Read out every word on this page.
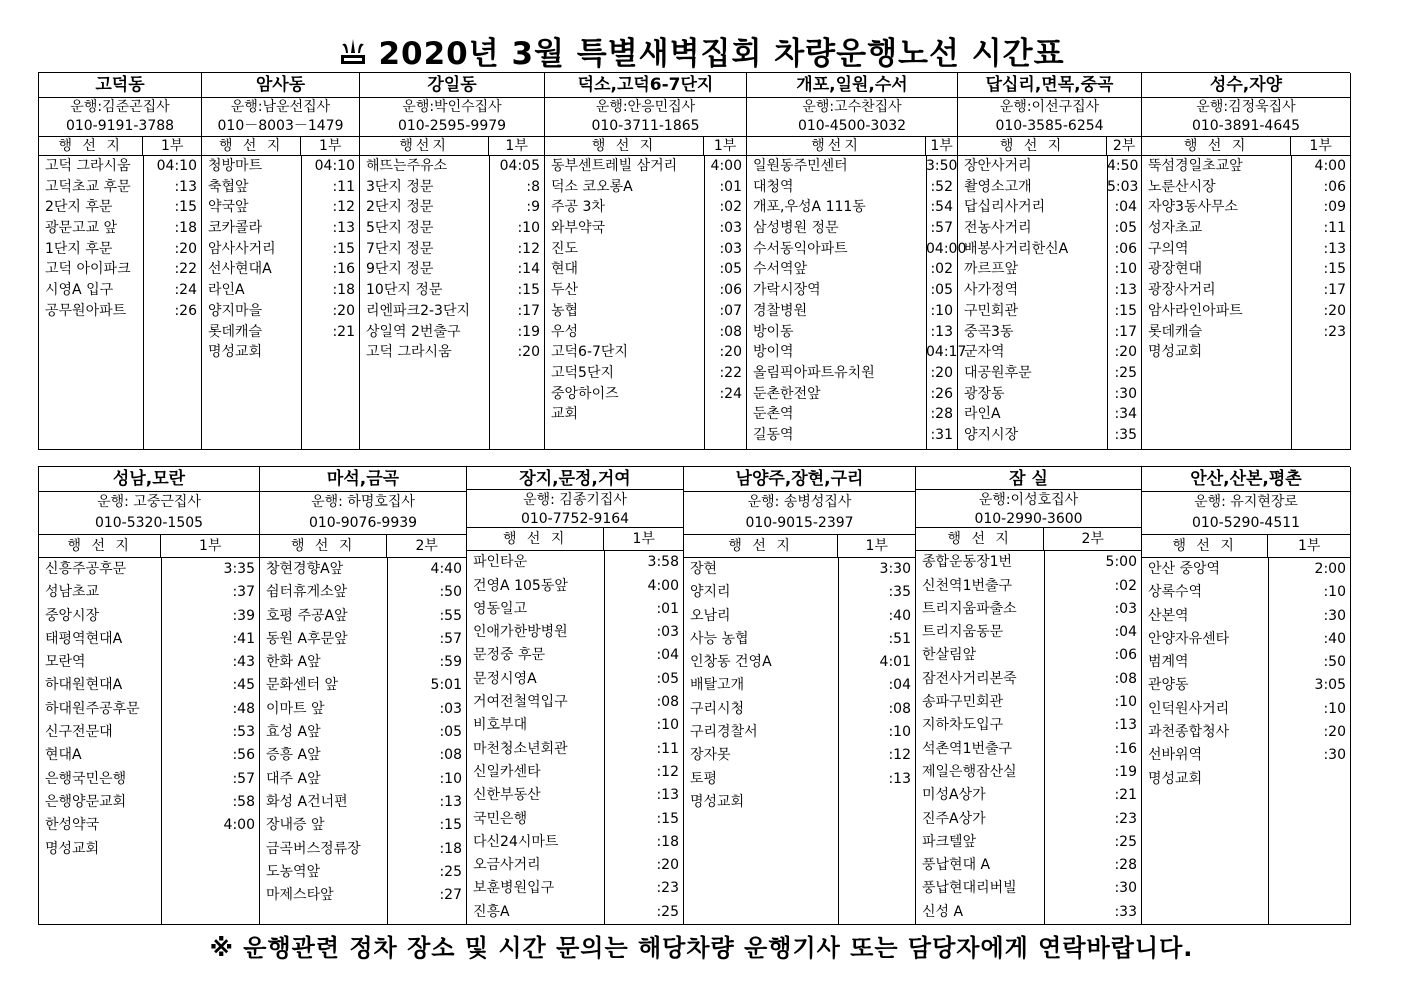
2020년 3월 특별새벽집회 차량운행노선 시간표
고덕동
운행:김준곤집사
010-9191-3788
행 선 지	1부
고덕 그라시움	04:10
고덕초교 후문	:13
2단지 후문	:15
광문고교 앞	:18
1단지 후문	:20
고덕 아이파크	:22
시영A 입구	:24
공무원아파트	:26
암사동
운행:남운선집사
010－8003－1479
행 선 지	1부
청방마트	04:10
축협앞	:11
약국앞	:12
코카콜라	:13
암사사거리	:15
선사현대A	:16
라인A	:18
양지마을	:20
롯데캐슬	:21
명성교회
강일동
운행:박인수집사
010-2595-9979
행선지	1부
해뜨는주유소	04:05
3단지 정문	:8
2단지 정문	:9
5단지 정문	:10
7단지 정문	:12
9단지 정문	:14
10단지 정문	:15
리엔파크2-3단지	:17
상일역 2번출구	:19
고덕 그라시움	:20
덕소,고덕6-7단지
운행:안응민집사
010-3711-1865
행 선 지	1부
동부센트레빌 삼거리	4:00
덕소 코오롱A	:01
주공 3차	:02
와부약국	:03
진도	:03
현대	:05
두산	:06
농협	:07
우성	:08
고덕6-7단지	:20
고덕5단지	:22
중앙하이즈	:24
교회
개포,일원,수서
운행:고수찬집사
010-4500-3032
행선지	1부
일원동주민센터	3:50
대청역	:52
개포,우성A 111동	:54
삼성병원 정문	:57
수서동익아파트	04:00
수서역앞	:02
가락시장역	:05
경찰병원	:10
방이동	:13
방이역	04:17
올림픽아파트유치원	:20
둔촌한전앞	:26
둔촌역	:28
길동역	:31
답십리,면목,중곡
운행:이선구집사
010-3585-6254
행 선 지	2부
장안사거리	4:50
촬영소고개	5:03
답십리사거리	:04
전농사거리	:05
배봉사거리한신A	:06
까르프앞	:10
사가정역	:13
구민회관	:15
중곡3동	:17
군자역	:20
대공원후문	:25
광장동	:30
라인A	:34
양지시장	:35
성수,자양
운행:김정욱집사
010-3891-4645
행 선 지	1부
뚝섬경일초교앞	4:00
노룬산시장	:06
자양3동사무소	:09
성자초교	:11
구의역	:13
광장현대	:15
광장사거리	:17
암사라인아파트	:20
롯데캐슬	:23
명성교회
성남,모란
운행: 고중근집사
010-5320-1505
행 선 지	1부
신흥주공후문	3:35
성남초교	:37
중앙시장	:39
태평역현대A	:41
모란역	:43
하대원현대A	:45
하대원주공후문	:48
신구전문대	:53
현대A	:56
은행국민은행	:57
은행양문교회	:58
한성약국	4:00
명성교회
마석,금곡
운행: 하명호집사
010-9076-9939
행 선 지	2부
창현경향A앞	4:40
쉼터휴게소앞	:50
호평 주공A앞	:55
동원 A후문앞	:57
한화 A앞	:59
문화센터 앞	5:01
이마트 앞	:03
효성 A앞	:05
증흥 A앞	:08
대주 A앞	:10
화성 A건너편	:13
장내증 앞	:15
금곡버스정류장	:18
도농역앞	:25
마제스타앞	:27
장지,문정,거여
운행: 김종기집사
010-7752-9164
행 선 지	1부
파인타운	3:58
건영A 105동앞	4:00
영동일고	:01
인애가한방병원	:03
문정중 후문	:04
문정시영A	:05
거여전철역입구	:08
비호부대	:10
마천청소년회관	:11
신일카센타	:12
신한부동산	:13
국민은행	:15
다신24시마트	:18
오금사거리	:20
보훈병원입구	:23
진흥A	:25
남양주,장현,구리
운행: 송병성집사
010-9015-2397
행 선 지	1부
장현	3:30
양지리	:35
오남리	:40
사능 농협	:51
인창동 건영A	4:01
배탈고개	:04
구리시청	:08
구리경찰서	:10
장자못	:12
토평	:13
명성교회
잠 실
운행:이성호집사
010-2990-3600
행 선 지	2부
종합운동장1번	5:00
신천역1번출구	:02
트리지움파출소	:03
트리지움동문	:04
한살림앞	:06
잠전사거리본죽	:08
송파구민회관	:10
지하차도입구	:13
석촌역1번출구	:16
제일은행잠산실	:19
미성A상가	:21
진주A상가	:23
파크텔앞	:25
풍납현대 A	:28
풍납현대리버빌	:30
신성 A	:33
안산,산본,평촌
운행: 유지현장로
010-5290-4511
행 선 지	1부
안산 중앙역	2:00
상록수역	:10
산본역	:30
안양자유센타	:40
범계역	:50
관양동	3:05
인덕원사거리	:10
과천종합청사	:20
선바위역	:30
명성교회
※ 운행관련 정차 장소 및 시간 문의는 해당차량 운행기사 또는 담당자에게 연락바랍니다.
